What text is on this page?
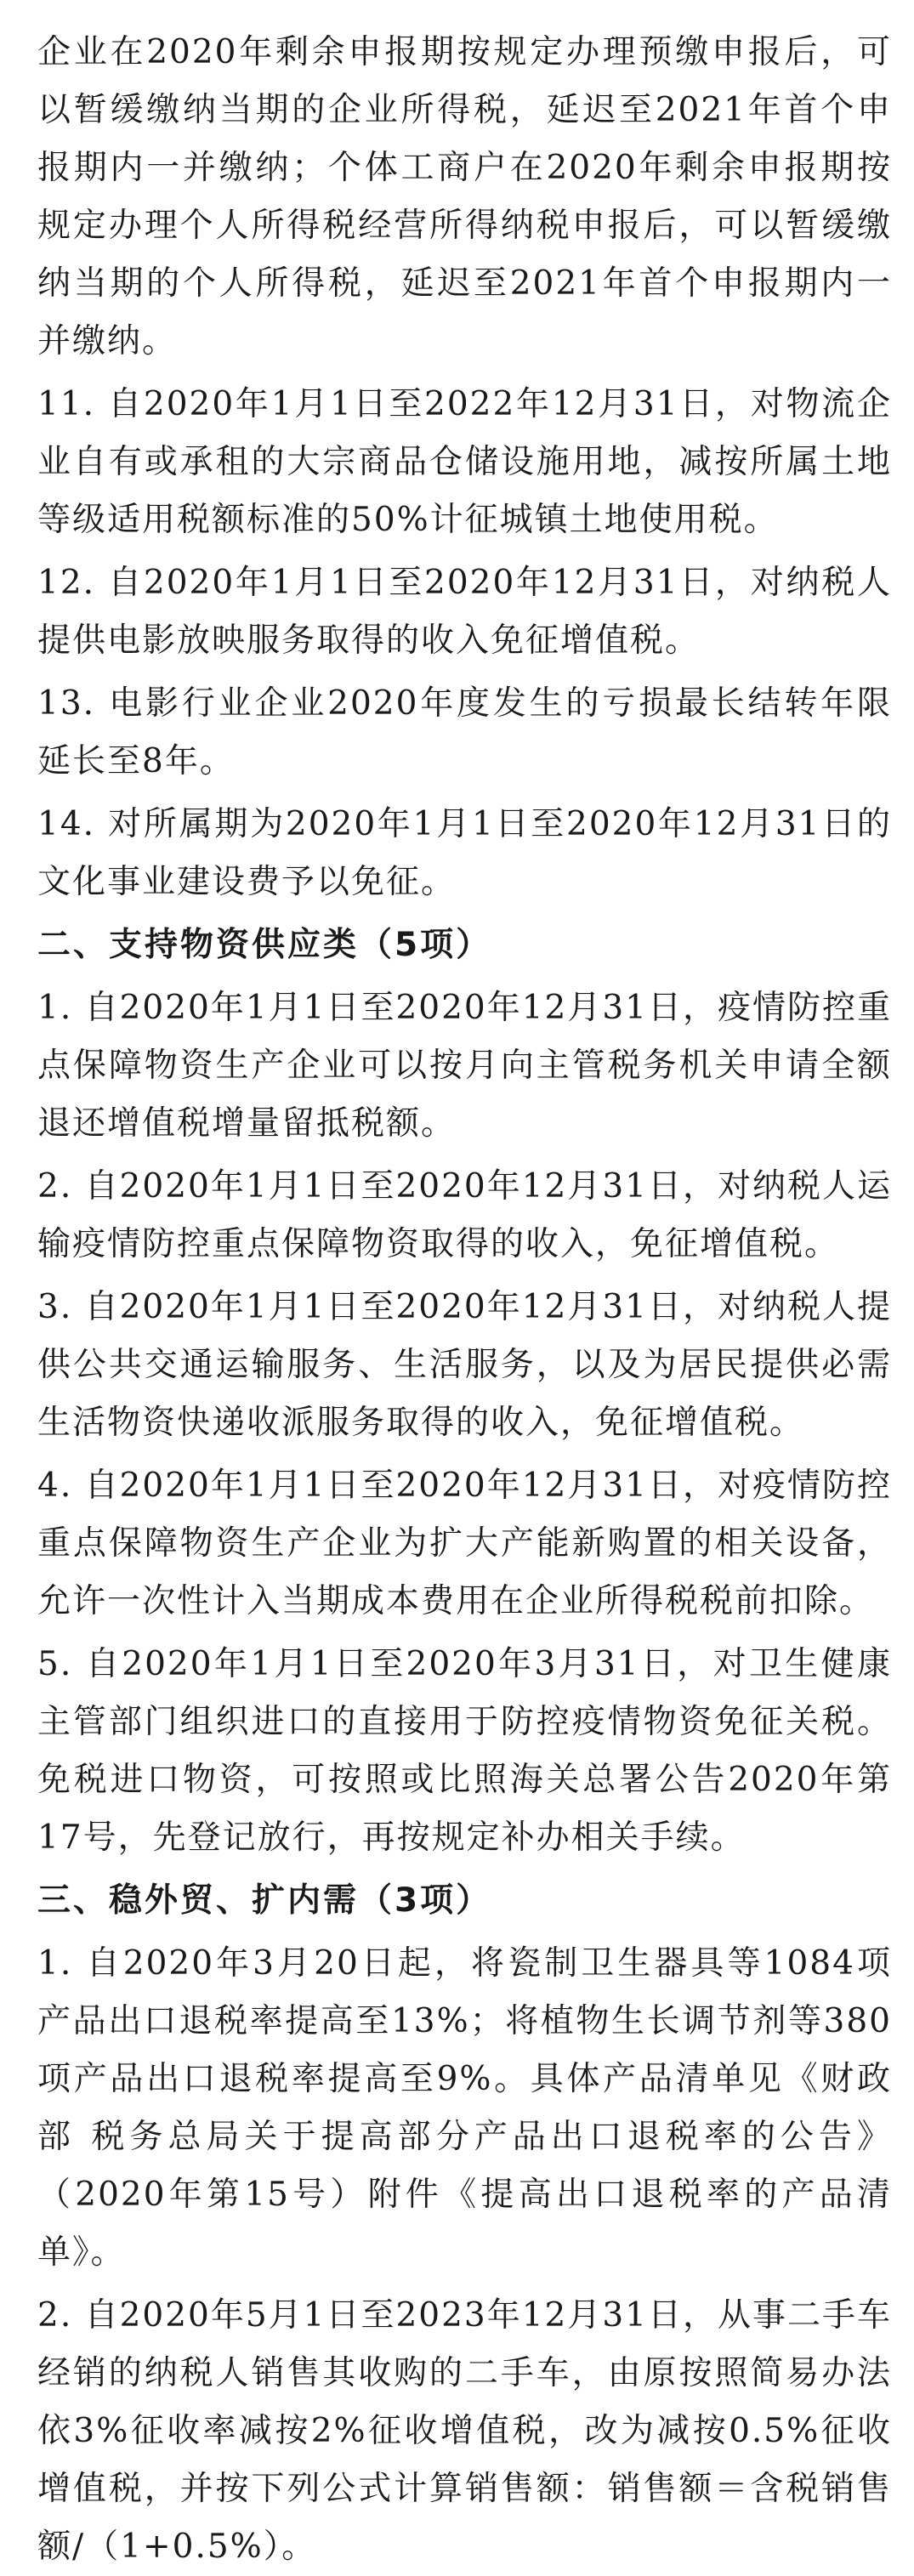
企业在2020年剩余申报期按规定办理预缴申报后，可以暂缓缴纳当期的企业所得税，延迟至2021年首个申报期内一并缴纳；个体工商户在2020年剩余申报期按规定办理个人所得税经营所得纳税申报后，可以暂缓缴纳当期的个人所得税，延迟至2021年首个申报期内一并缴纳。

11. 自2020年1月1日至2022年12月31日，对物流企业自有或承租的大宗商品仓储设施用地，减按所属土地等级适用税额标准的50%计征城镇土地使用税。

12. 自2020年1月1日至2020年12月31日，对纳税人提供电影放映服务取得的收入免征增值税。

13. 电影行业企业2020年度发生的亏损最长结转年限延长至8年。

14. 对所属期为2020年1月1日至2020年12月31日的文化事业建设费予以免征。

二、支持物资供应类（5项）

1. 自2020年1月1日至2020年12月31日，疫情防控重点保障物资生产企业可以按月向主管税务机关申请全额退还增值税增量留抵税额。

2. 自2020年1月1日至2020年12月31日，对纳税人运输疫情防控重点保障物资取得的收入，免征增值税。

3. 自2020年1月1日至2020年12月31日，对纳税人提供公共交通运输服务、生活服务，以及为居民提供必需生活物资快递收派服务取得的收入，免征增值税。

4. 自2020年1月1日至2020年12月31日，对疫情防控重点保障物资生产企业为扩大产能新购置的相关设备，允许一次性计入当期成本费用在企业所得税税前扣除。

5. 自2020年1月1日至2020年3月31日，对卫生健康主管部门组织进口的直接用于防控疫情物资免征关税。免税进口物资，可按照或比照海关总署公告2020年第17号，先登记放行，再按规定补办相关手续。

三、稳外贸、扩内需（3项）

1. 自2020年3月20日起，将瓷制卫生器具等1084项产品出口退税率提高至13%；将植物生长调节剂等380项产品出口退税率提高至9%。具体产品清单见《财政部 税务总局关于提高部分产品出口退税率的公告》（2020年第15号）附件《提高出口退税率的产品清单》。

2. 自2020年5月1日至2023年12月31日，从事二手车经销的纳税人销售其收购的二手车，由原按照简易办法依3%征收率减按2%征收增值税，改为减按0.5%征收增值税，并按下列公式计算销售额：销售额＝含税销售额/（1+0.5%）。
